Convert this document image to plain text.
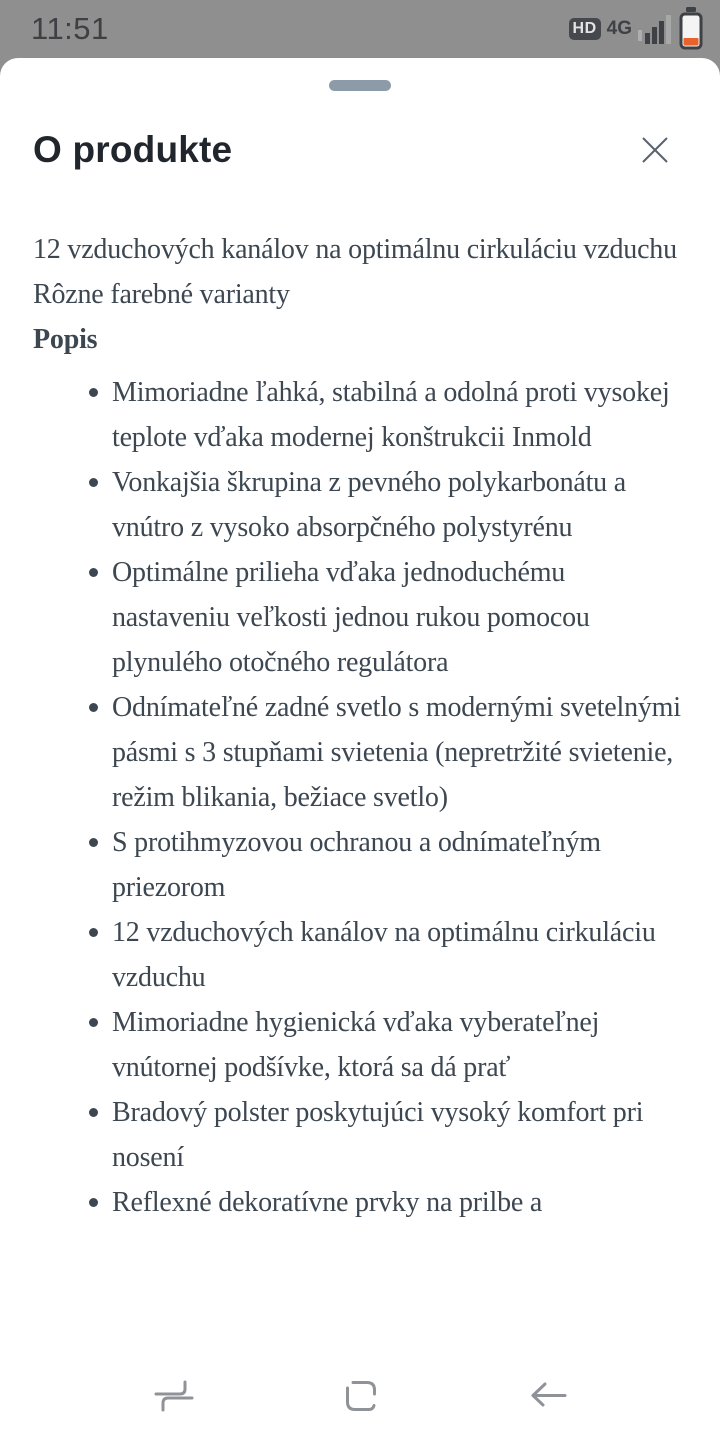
11:51	HD 4G
O produkte

12 vzduchových kanálov na optimálnu cirkuláciu vzduchu

Rôzne farebné varianty

Popis

Mimoriadne ľahká, stabilná a odolná proti vysokej teplote vďaka modernej konštrukcii Inmold
Vonkajšia škrupina z pevného polykarbonátu a vnútro z vysoko absorpčného polystyrénu
Optimálne prilieha vďaka jednoduchému nastaveniu veľkosti jednou rukou pomocou plynulého otočného regulátora
Odnímateľné zadné svetlo s modernými svetelnými pásmi s 3 stupňami svietenia (nepretržité svietenie, režim blikania, bežiace svetlo)
S protihmyzovou ochranou a odnímateľným priezorom
12 vzduchových kanálov na optimálnu cirkuláciu vzduchu
Mimoriadne hygienická vďaka vyberateľnej vnútornej podšívke, ktorá sa dá prať
Bradový polster poskytujúci vysoký komfort pri nosení
Reflexné dekoratívne prvky na prilbe a
